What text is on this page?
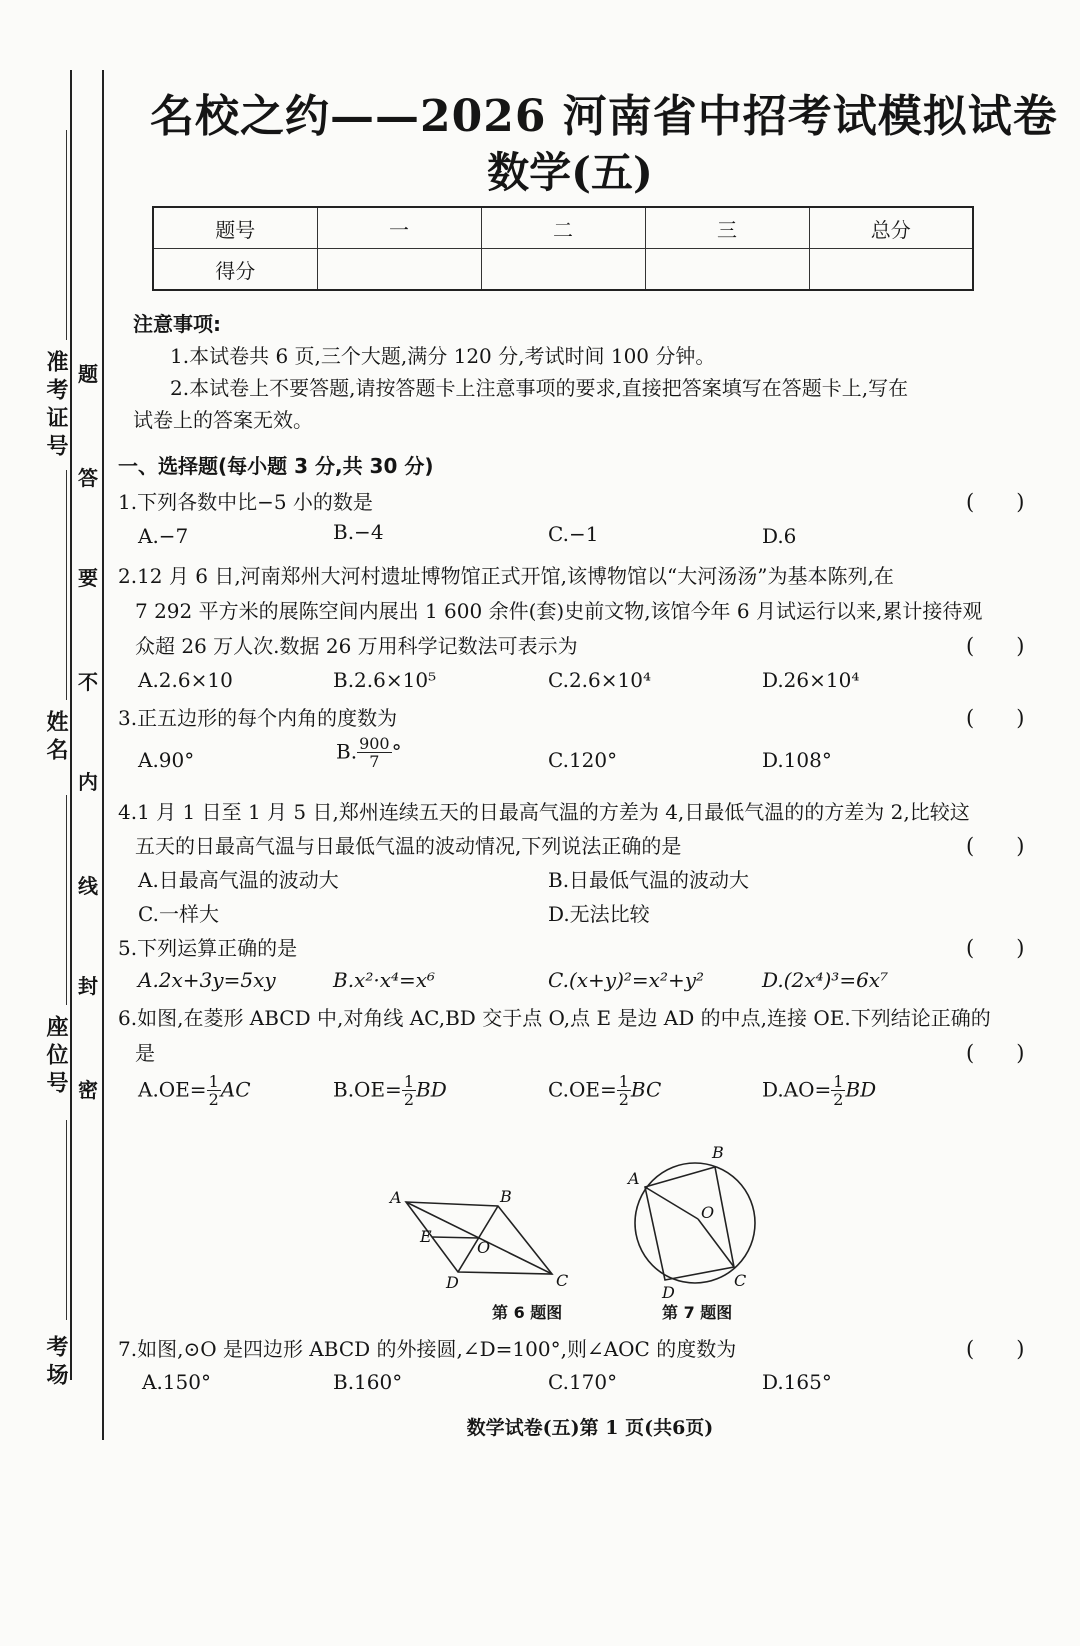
准考证号
姓名
座位号
考场
题
答
要
不
内
线
封
密
名校之约——2026 河南省中招考试模拟试卷
数学(五)
题号	一	二	三	总分
得分				
注意事项:
1.本试卷共 6 页,三个大题,满分 120 分,考试时间 100 分钟。
2.本试卷上不要答题,请按答题卡上注意事项的要求,直接把答案填写在答题卡上,写在
试卷上的答案无效。
一、选择题(每小题 3 分,共 30 分)
1.下列各数中比−5 小的数是	(　　)
A.−7	B.−4	C.−1	D.6
2.12 月 6 日,河南郑州大河村遗址博物馆正式开馆,该博物馆以“大河汤汤”为基本陈列,在
7 292 平方米的展陈空间内展出 1 600 余件(套)史前文物,该馆今年 6 月试运行以来,累计接待观
众超 26 万人次.数据 26 万用科学记数法可表示为	(　　)
A.2.6×10	B.2.6×10⁵	C.2.6×10⁴	D.26×10⁴
3.正五边形的每个内角的度数为	(　　)
A.90°	B. $\frac{900}{7}$ °	C.120°	D.108°
4.1 月 1 日至 1 月 5 日,郑州连续五天的日最高气温的方差为 4,日最低气温的的方差为 2,比较这
五天的日最高气温与日最低气温的波动情况,下列说法正确的是	(　　)
A.日最高气温的波动大	B.日最低气温的波动大
C.一样大	D.无法比较
5.下列运算正确的是	(　　)
A.2x+3y=5xy	B.x²·x⁴=x⁶	C.(x+y)²=x²+y²	D.(2x⁴)³=6x⁷
6.如图,在菱形 ABCD 中,对角线 AC,BD 交于点 O,点 E 是边 AD 的中点,连接 OE.下列结论正确的
是	(　　)
$A.OE= \frac{1}{2}$ AC	$B.OE= \frac{1}{2}$ BD	$C.OE= \frac{1}{2}$ BC	$D.AO= \frac{1}{2}$ BD
A	B
C
D
E
O
第 6 题图
A
B
C
D
O
第 7 题图
7.如图,⊙O 是四边形 ABCD 的外接圆,∠D=100°,则∠AOC 的度数为	(　　)
A.150°	B.160°	C.170°	D.165°
数学试卷(五)第 1 页(共6页)
